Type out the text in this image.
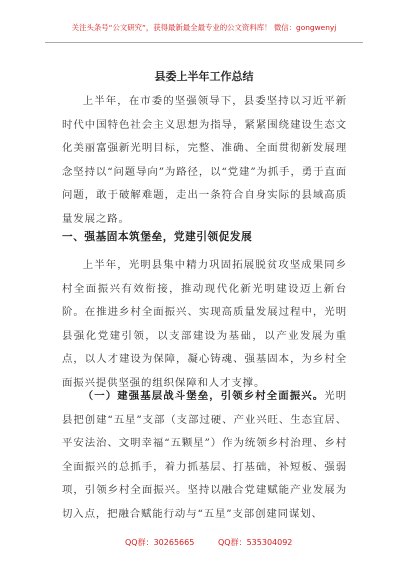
关注头条号“公文研究”，获得最新最全最专业的公文资料库！ 微信：gongwenyj
县委上半年工作总结

上半年，在市委的坚强领导下，县委坚持以习近平新时代中国特色社会主义思想为指导，紧紧围绕建设生态文化美丽富强新光明目标，完整、准确、全面贯彻新发展理念坚持以“问题导向”为路径，以“党建”为抓手，勇于直面问题，敢于破解难题，走出一条符合自身实际的县域高质量发展之路。

一、强基固本筑堡垒，党建引领促发展

上半年，光明县集中精力巩固拓展脱贫攻坚成果同乡村全面振兴有效衔接，推动现代化新光明建设迈上新台阶。在推进乡村全面振兴、实现高质量发展过程中，光明县强化党建引领，以支部建设为基础，以产业发展为重点，以人才建设为保障，凝心铸魂、强基固本，为乡村全面振兴提供坚强的组织保障和人才支撑。

（一）建强基层战斗堡垒，引领乡村全面振兴。光明县把创建“五星”支部（支部过硬、产业兴旺、生态宜居、平安法治、文明幸福“五颗星”）作为统领乡村治理、乡村全面振兴的总抓手，着力抓基层、打基础，补短板、强弱项，引领乡村全面振兴。坚持以融合党建赋能产业发展为切入点，把融合赋能行动与“五星”支部创建同谋划、

QQ群：30265665	QQ群：535304092
